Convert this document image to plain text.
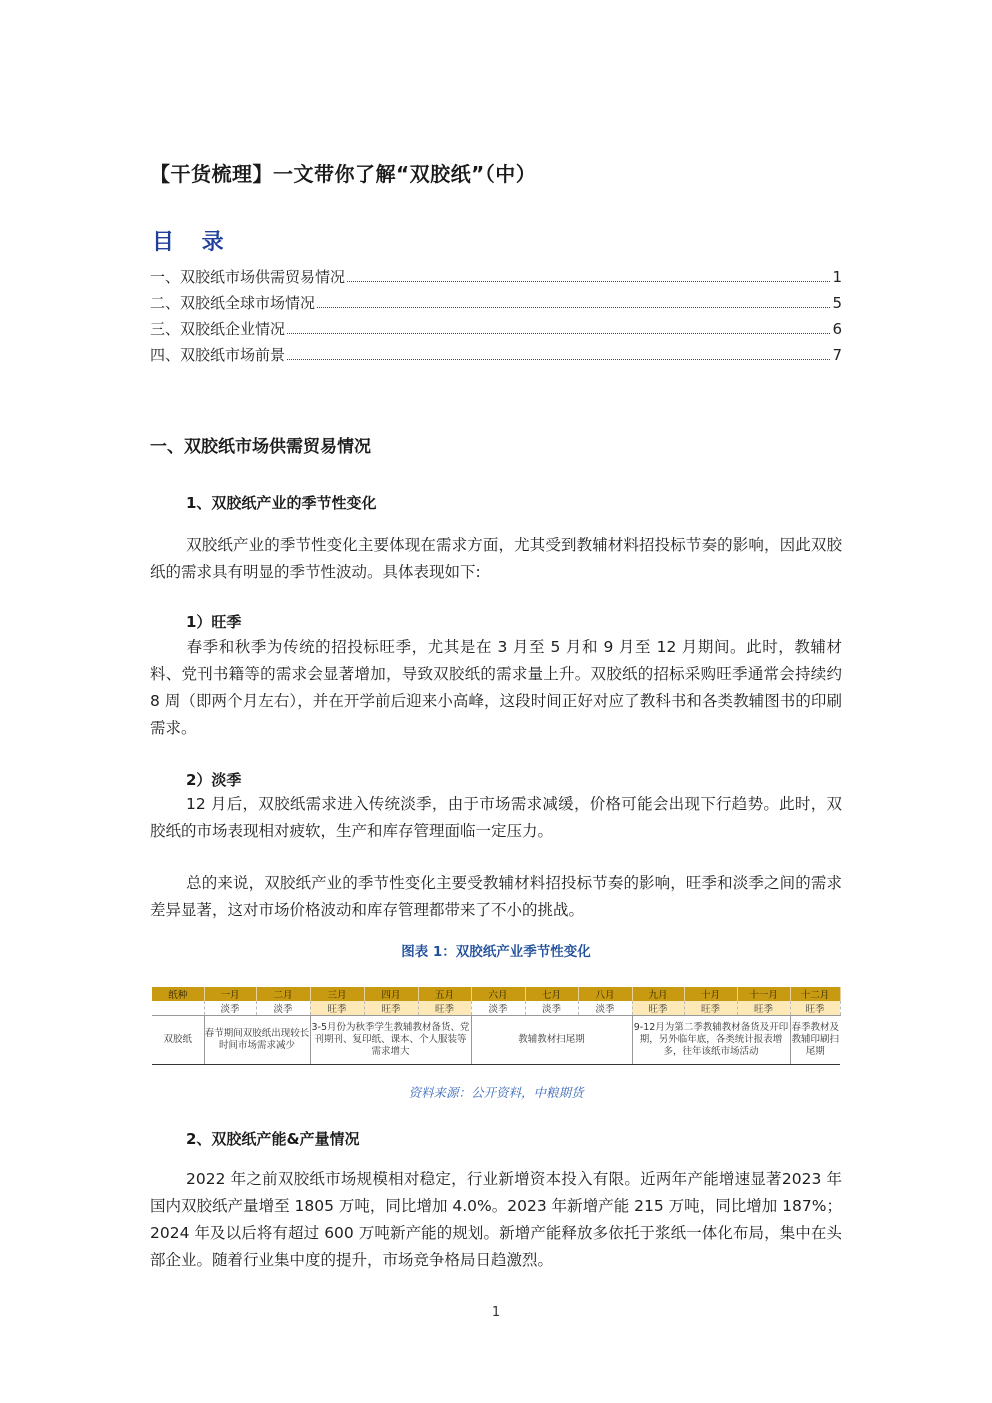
【干货梳理】一文带你了解“双胶纸”（中）
目 录
一、双胶纸市场供需贸易情况	1
二、双胶纸全球市场情况	5
三、双胶纸企业情况	6
四、双胶纸市场前景	7
一、双胶纸市场供需贸易情况
1、双胶纸产业的季节性变化
双胶纸产业的季节性变化主要体现在需求方面，尤其受到教辅材料招投标节奏的影响，因此双胶纸的需求具有明显的季节性波动。具体表现如下:
1）旺季
春季和秋季为传统的招投标旺季，尤其是在 3 月至 5 月和 9 月至 12 月期间。此时，教辅材料、党刊书籍等的需求会显著增加，导致双胶纸的需求量上升。双胶纸的招标采购旺季通常会持续约 8 周（即两个月左右），并在开学前后迎来小高峰，这段时间正好对应了教科书和各类教辅图书的印刷需求。
2）淡季
12 月后，双胶纸需求进入传统淡季，由于市场需求减缓，价格可能会出现下行趋势。此时，双胶纸的市场表现相对疲软，生产和库存管理面临一定压力。
总的来说，双胶纸产业的季节性变化主要受教辅材料招投标节奏的影响，旺季和淡季之间的需求差异显著，这对市场价格波动和库存管理都带来了不小的挑战。
图表 1：双胶纸产业季节性变化
纸种	一月	二月	三月	四月	五月	六月	七月	八月	九月	十月	十一月	十二月
	淡季	淡季	旺季	旺季	旺季	淡季	淡季	淡季	旺季	旺季	旺季	旺季
双胶纸	春节期间双胶纸出现较长时间市场需求减少		3-5月份为秋季学生教辅教材备货、党刊期刊、复印纸、课本、个人服装等需求增大			教辅教材扫尾期			9-12月为第二季教辅教材备货及开印期，另外临年底，各类统计报表增多，往年该纸市场活动			春季教材及教辅印刷扫尾期
资料来源：公开资料，中粮期货
2、双胶纸产能&产量情况
2022 年之前双胶纸市场规模相对稳定，行业新增资本投入有限。近两年产能增速显著2023 年国内双胶纸产量增至 1805 万吨，同比增加 4.0%。2023 年新增产能 215 万吨，同比增加 187%；2024 年及以后将有超过 600 万吨新产能的规划。新增产能释放多依托于浆纸一体化布局，集中在头部企业。随着行业集中度的提升，市场竞争格局日趋激烈。
1
